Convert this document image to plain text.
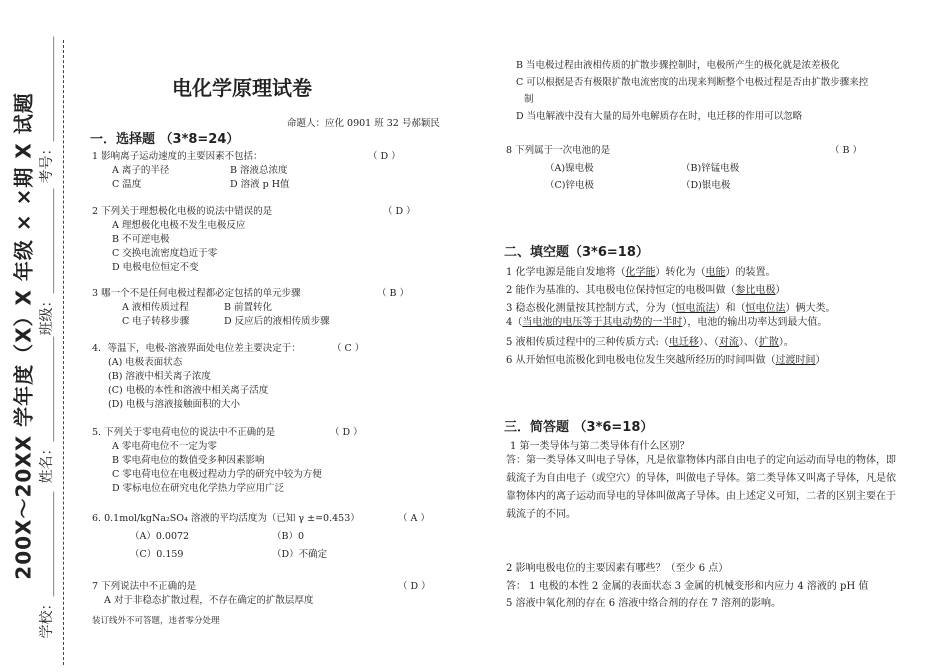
200X～20XX 学年度（X）X 年级 × ×期 X 试题 考号：_______________
班级：_______________
姓名：_______________
学校：_______________
电化学原理试卷
命题人：应化 0901 班 32 号郝颖民
一．选择题 （3*8=24）
1 影响离子运动速度的主要因素不包括：	（ D ）
A 离子的半径	B 溶液总浓度
C 温度	D 溶液 p H值
2 下列关于理想极化电极的说法中错误的是	（ D ）
A 理想极化电极不发生电极反应
B 不可逆电极
C 交换电流密度趋近于零
D 电极电位恒定不变
3 哪一个不是任何电极过程都必定包括的单元步骤	（ B ）
A 液相传质过程	B 前置转化
C 电子转移步骤	D 反应后的液相传质步骤
4．等温下，电极-溶液界面处电位差主要决定于：	（ C ）
(A) 电极表面状态
(B) 溶液中相关离子浓度
(C) 电极的本性和溶液中相关离子活度
(D) 电极与溶液接触面积的大小
5. 下列关于零电荷电位的说法中不正确的是	（ D ）
A 零电荷电位不一定为零
B 零电荷电位的数值受多种因素影响
C 零电荷电位在电极过程动力学的研究中较为方便
D 零标电位在研究电化学热力学应用广泛
6. 0.1mol/kgNa₂SO₄ 溶液的平均活度为（已知 γ ±=0.453）	（ A ）
（A）0.0072	（B）0
（C）0.159	（D）不确定
7 下列说法中不正确的是	（ D ）
A 对于非稳态扩散过程，不存在确定的扩散层厚度
装订线外不可答题，违者零分处理
B 当电极过程由液相传质的扩散步骤控制时，电极所产生的极化就是浓差极化
C 可以根据是否有极限扩散电流密度的出现来判断整个电极过程是否由扩散步骤来控
制
D 当电解液中没有大量的局外电解质存在时，电迁移的作用可以忽略
8 下列属于一次电池的是	（ B ）
（A)镍电极	（B)锌锰电极
（C)锌电极	（D)银电极
二、填空题（3*6=18）
1 化学电源是能自发地将（化学能）转化为（电能）的装置。
2 能作为基准的、其电极电位保持恒定的电极叫做（参比电极）
3 稳态极化测量按其控制方式，分为（恒电流法）和（恒电位法）俩大类。
4（当电池的电压等于其电动势的一半时），电池的输出功率达到最大值。
5 液相传质过程中的三种传质方式:（电迁移）、（对流）、（扩散）。
6 从开始恒电流极化到电极电位发生突越所经历的时间叫做（过渡时间）
三．简答题 （3*6=18）
1 第一类导体与第二类导体有什么区别？
答：第一类导体又叫电子导体，凡是依靠物体内部自由电子的定向运动而导电的物体，即载流子为自由电子（或空穴）的导体，叫做电子导体。第二类导体又叫离子导体，凡是依靠物体内的离子运动而导电的导体叫做离子导体。由上述定义可知，二者的区别主要在于载流子的不同。
2 影响电极电位的主要因素有哪些？（至少 6 点）
答： 1 电极的本性 2 金属的表面状态 3 金属的机械变形和内应力 4 溶液的 pH 值
5 溶液中氧化剂的存在 6 溶液中络合剂的存在 7 溶剂的影响。
